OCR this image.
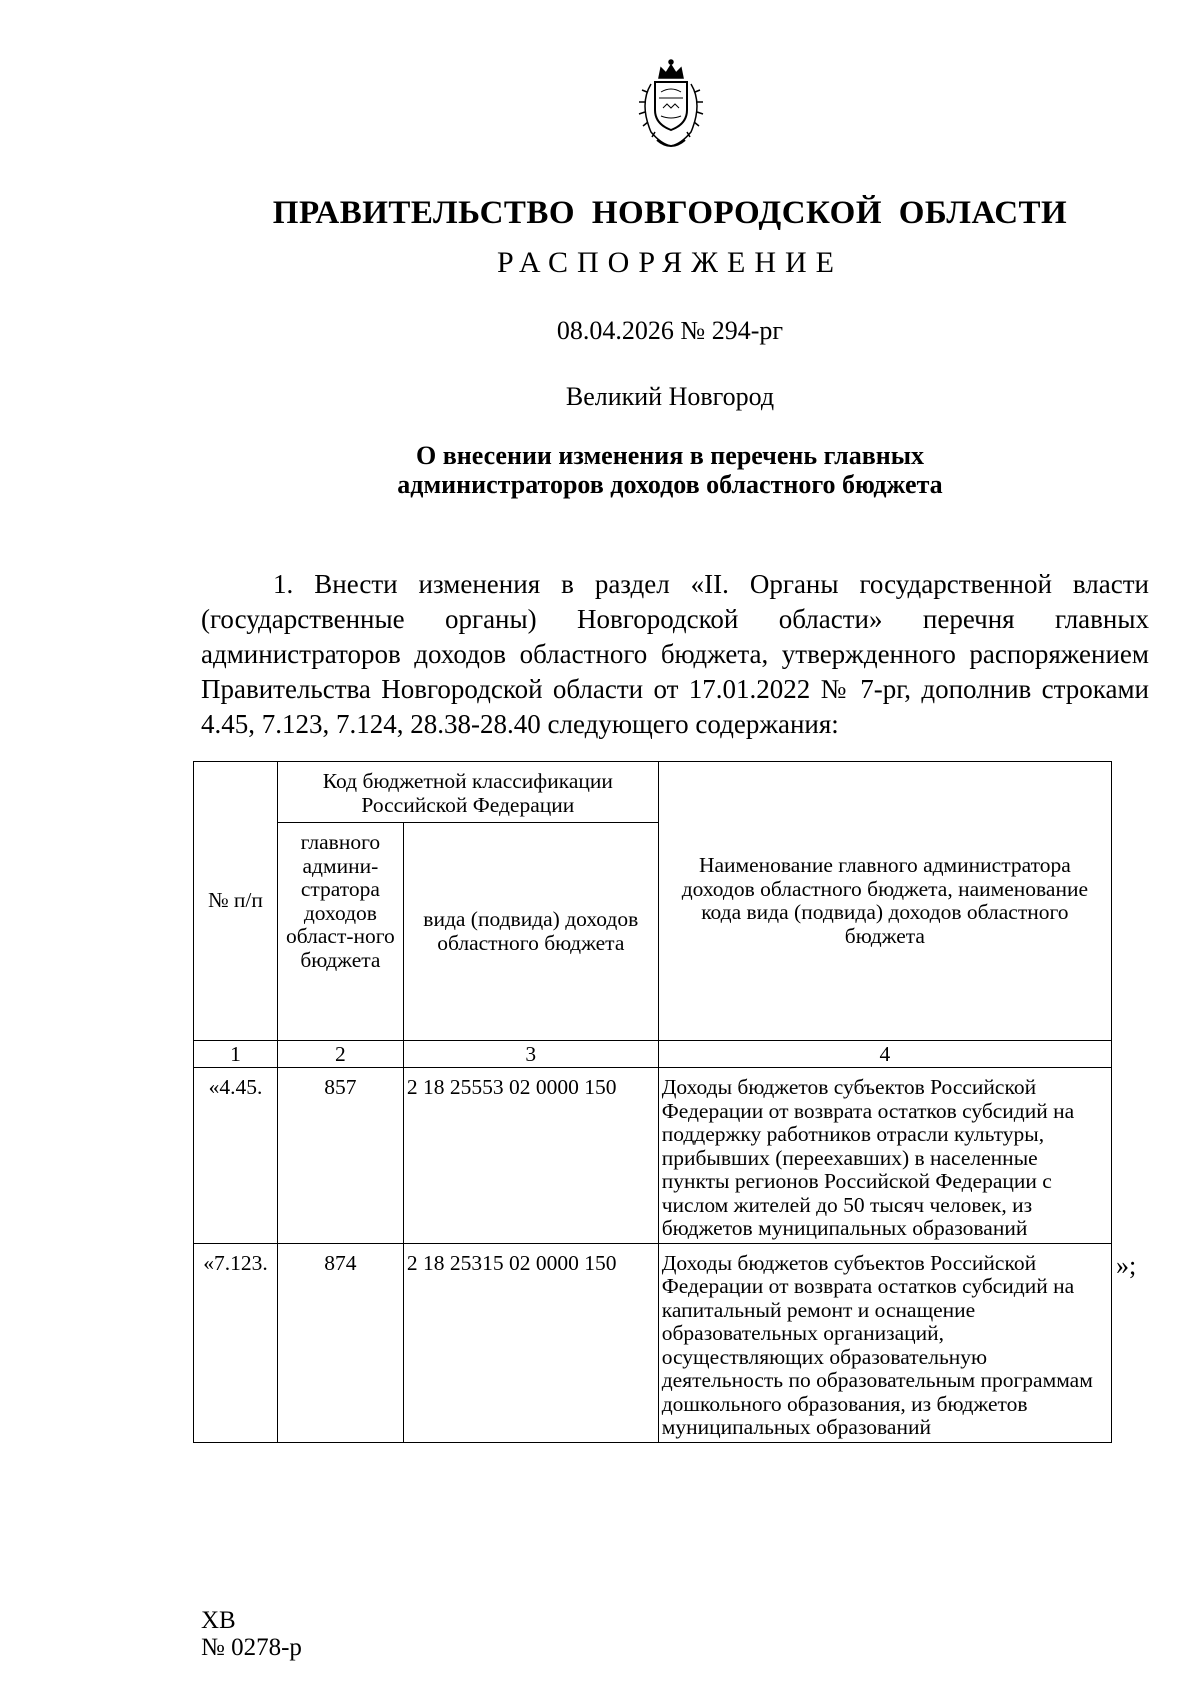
ПРАВИТЕЛЬСТВО НОВГОРОДСКОЙ ОБЛАСТИ
РАСПОРЯЖЕНИЕ
08.04.2026 № 294-рг
Великий Новгород
О внесении изменения в перечень главных
администраторов доходов областного бюджета
1. Внести изменения в раздел «II. Органы государственной власти (государственные органы) Новгородской области» перечня главных администраторов доходов областного бюджета, утвержденного распоряжением Правительства Новгородской области от 17.01.2022 № 7-рг, дополнив строками 4.45, 7.123, 7.124, 28.38-28.40 следующего содержания:
№ п/п	Код бюджетной классификации Российской Федерации		Наименование главного администратора доходов областного бюджета, наименование кода вида (подвида) доходов областного бюджета
	главного админи-стратора доходов област-ного бюджета	вида (подвида) доходов областного бюджета	
1	2	3	4
«4.45.	857	2 18 25553 02 0000 150	Доходы бюджетов субъектов Российской Федерации от возврата остатков субсидий на поддержку работников отрасли культуры, прибывших (переехавших) в населенные пункты регионов Российской Федерации с числом жителей до 50 тысяч человек, из бюджетов муниципальных образований
«7.123.	874	2 18 25315 02 0000 150	Доходы бюджетов субъектов Российской Федерации от возврата остатков субсидий на капитальный ремонт и оснащение образовательных организаций, осуществляющих образовательную деятельность по образовательным программам дошкольного образования, из бюджетов муниципальных образований
»;
ХВ
№ 0278-р
